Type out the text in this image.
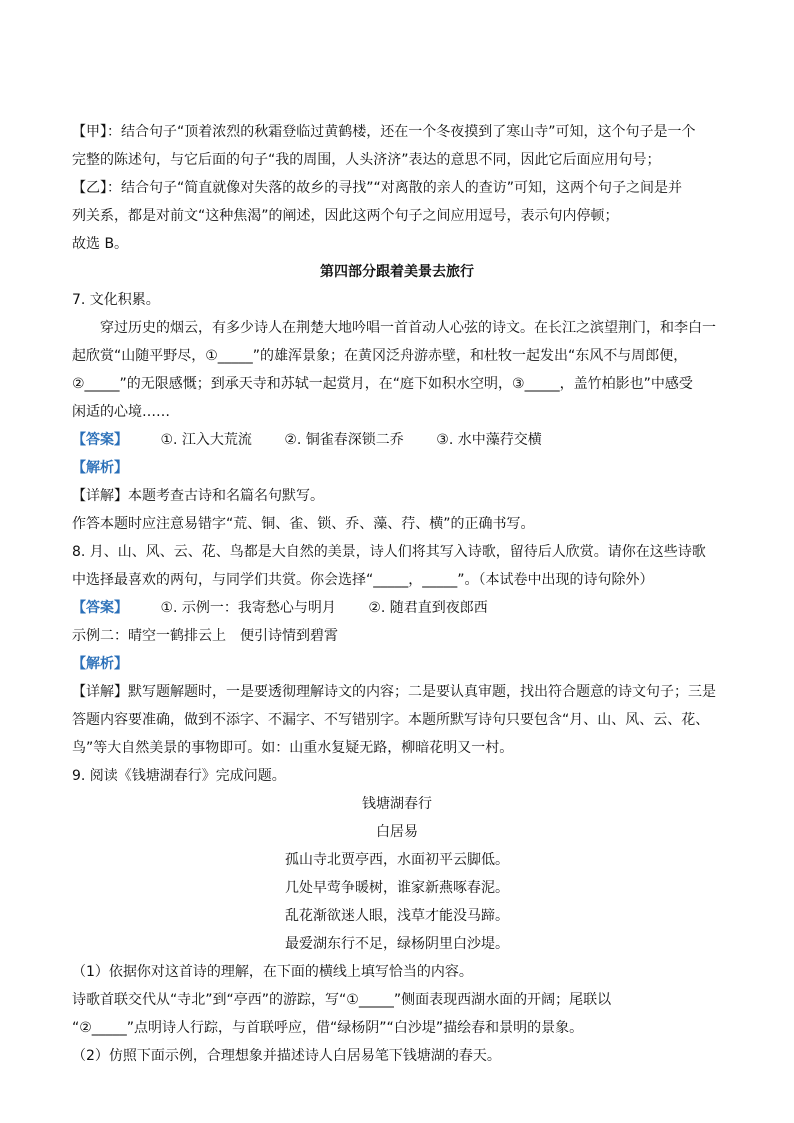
【甲】：结合句子“顶着浓烈的秋霜登临过黄鹤楼，还在一个冬夜摸到了寒山寺”可知，这个句子是一个
完整的陈述句，与它后面的句子“我的周围，人头济济”表达的意思不同，因此它后面应用句号；
【乙】：结合句子“简直就像对失落的故乡的寻找”“对离散的亲人的查访”可知，这两个句子之间是并
列关系，都是对前文“这种焦渴”的阐述，因此这两个句子之间应用逗号，表示句内停顿；
故选 B。
第四部分跟着美景去旅行
7. 文化积累。
穿过历史的烟云，有多少诗人在荆楚大地吟唱一首首动人心弦的诗文。在长江之滨望荆门，和李白一
起欣赏“山随平野尽，①_____”的雄浑景象；在黄冈泛舟游赤壁，和杜牧一起发出“东风不与周郎便，
②_____”的无限感慨；到承天寺和苏轼一起赏月，在“庭下如积水空明，③_____，盖竹柏影也”中感受
闲适的心境……
【答案】 ①. 江入大荒流 ②. 铜雀春深锁二乔 ③. 水中藻荇交横
【解析】
【详解】本题考查古诗和名篇名句默写。
作答本题时应注意易错字“荒、铜、雀、锁、乔、藻、荇、横”的正确书写。
8. 月、山、风、云、花、鸟都是大自然的美景，诗人们将其写入诗歌，留待后人欣赏。请你在这些诗歌
中选择最喜欢的两句，与同学们共赏。你会选择“_____，_____”。（本试卷中出现的诗句除外）
【答案】 ①. 示例一：我寄愁心与明月 ②. 随君直到夜郎西
示例二：晴空一鹤排云上　便引诗情到碧霄
【解析】
【详解】默写题解题时，一是要透彻理解诗文的内容；二是要认真审题，找出符合题意的诗文句子；三是
答题内容要准确，做到不添字、不漏字、不写错别字。本题所默写诗句只要包含“月、山、风、云、花、
鸟”等大自然美景的事物即可。如：山重水复疑无路，柳暗花明又一村。
9. 阅读《钱塘湖春行》完成问题。
钱塘湖春行
白居易
孤山寺北贾亭西，水面初平云脚低。
几处早莺争暖树，谁家新燕啄春泥。
乱花渐欲迷人眼，浅草才能没马蹄。
最爱湖东行不足，绿杨阴里白沙堤。
（1）依据你对这首诗的理解，在下面的横线上填写恰当的内容。
诗歌首联交代从“寺北”到“亭西”的游踪，写“①_____”侧面表现西湖水面的开阔；尾联以
“②_____”点明诗人行踪，与首联呼应，借“绿杨阴”“白沙堤”描绘春和景明的景象。
（2）仿照下面示例，合理想象并描述诗人白居易笔下钱塘湖的春天。
